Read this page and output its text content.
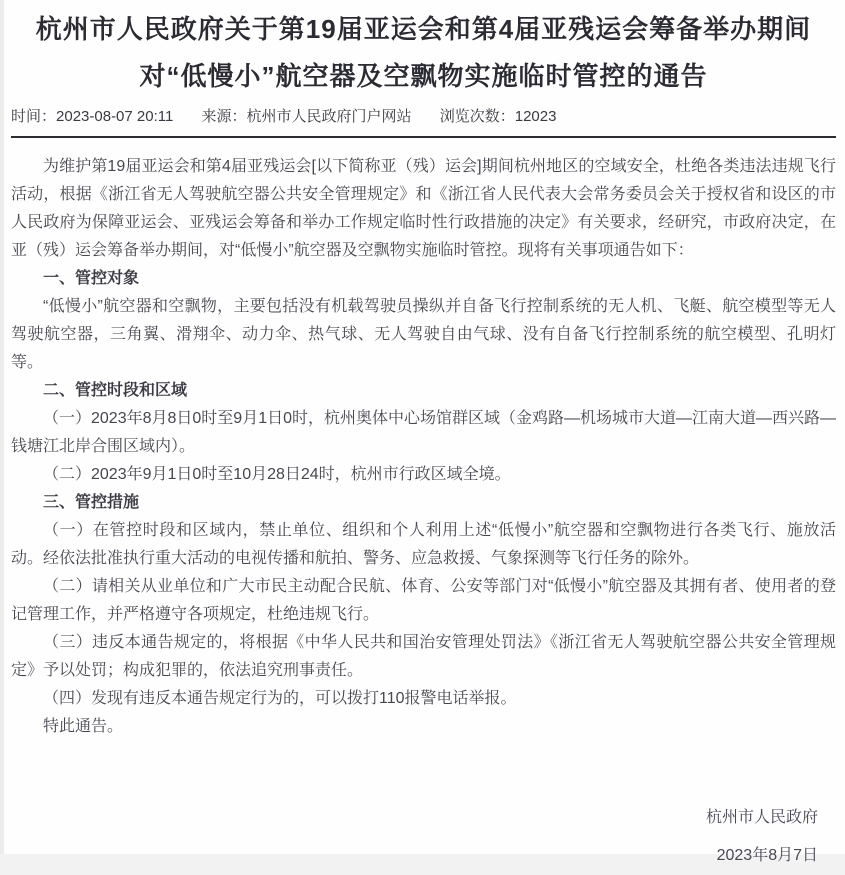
杭州市人民政府关于第19届亚运会和第4届亚残运会筹备举办期间
对“低慢小”航空器及空飘物实施临时管控的通告
时间：2023-08-07 20:11 来源：杭州市人民政府门户网站 浏览次数：12023

为维护第19届亚运会和第4届亚残运会[以下简称亚（残）运会]期间杭州地区的空域安全，杜绝各类违法违规飞行活动，根据《浙江省无人驾驶航空器公共安全管理规定》和《浙江省人民代表大会常务委员会关于授权省和设区的市人民政府为保障亚运会、亚残运会筹备和举办工作规定临时性行政措施的决定》有关要求，经研究，市政府决定，在亚（残）运会筹备举办期间，对“低慢小”航空器及空飘物实施临时管控。现将有关事项通告如下：

一、管控对象

“低慢小”航空器和空飘物，主要包括没有机载驾驶员操纵并自备飞行控制系统的无人机、飞艇、航空模型等无人驾驶航空器，三角翼、滑翔伞、动力伞、热气球、无人驾驶自由气球、没有自备飞行控制系统的航空模型、孔明灯等。

二、管控时段和区域

（一）2023年8月8日0时至9月1日0时，杭州奥体中心场馆群区域（金鸡路—机场城市大道—江南大道—西兴路—钱塘江北岸合围区域内）。

（二）2023年9月1日0时至10月28日24时，杭州市行政区域全境。

三、管控措施

（一）在管控时段和区域内，禁止单位、组织和个人利用上述“低慢小”航空器和空飘物进行各类飞行、施放活动。经依法批准执行重大活动的电视传播和航拍、警务、应急救援、气象探测等飞行任务的除外。

（二）请相关从业单位和广大市民主动配合民航、体育、公安等部门对“低慢小”航空器及其拥有者、使用者的登记管理工作，并严格遵守各项规定，杜绝违规飞行。

（三）违反本通告规定的，将根据《中华人民共和国治安管理处罚法》《浙江省无人驾驶航空器公共安全管理规定》予以处罚；构成犯罪的，依法追究刑事责任。

（四）发现有违反本通告规定行为的，可以拨打110报警电话举报。

特此通告。

杭州市人民政府
2023年8月7日
